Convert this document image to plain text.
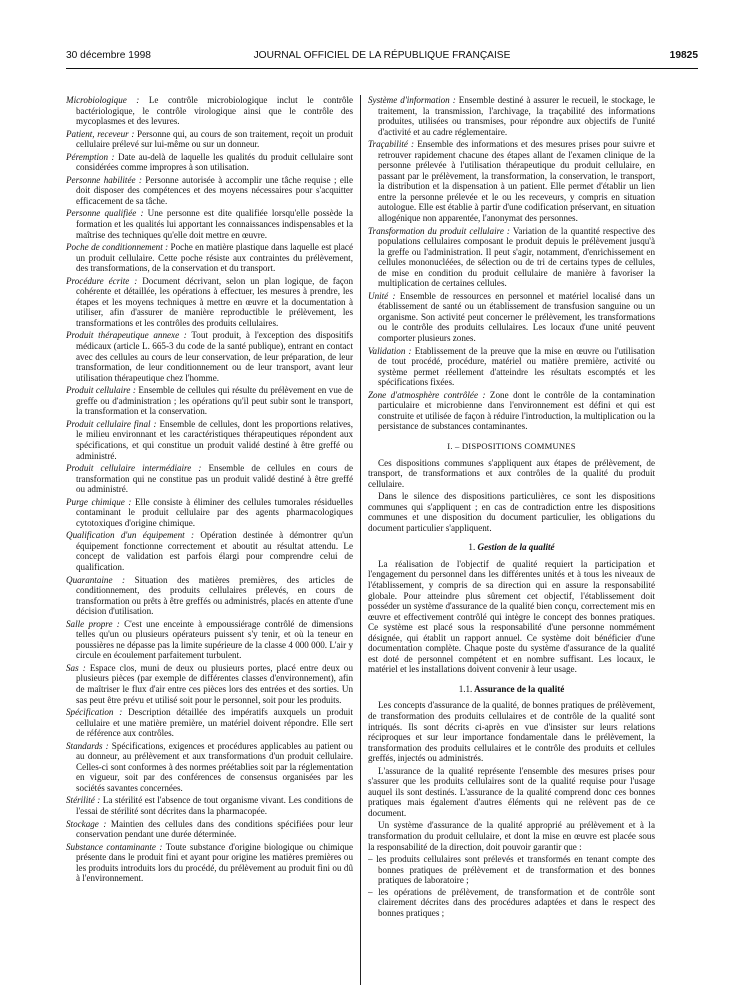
30 décembre 1998	JOURNAL OFFICIEL DE LA RÉPUBLIQUE FRANÇAISE	19825

Microbiologique : Le contrôle microbiologique inclut le contrôle bactériologique, le contrôle virologique ainsi que le contrôle des mycoplasmes et des levures.

Patient, receveur : Personne qui, au cours de son traitement, reçoit un produit cellulaire prélevé sur lui-même ou sur un donneur.

Péremption : Date au-delà de laquelle les qualités du produit cellulaire sont considérées comme impropres à son utilisation.

Personne habilitée : Personne autorisée à accomplir une tâche requise ; elle doit disposer des compétences et des moyens nécessaires pour s'acquitter efficacement de sa tâche.

Personne qualifiée : Une personne est dite qualifiée lorsqu'elle possède la formation et les qualités lui apportant les connaissances indispensables et la maîtrise des techniques qu'elle doit mettre en œuvre.

Poche de conditionnement : Poche en matière plastique dans laquelle est placé un produit cellulaire. Cette poche résiste aux contraintes du prélèvement, des transformations, de la conservation et du transport.

Procédure écrite : Document décrivant, selon un plan logique, de façon cohérente et détaillée, les opérations à effectuer, les mesures à prendre, les étapes et les moyens techniques à mettre en œuvre et la documentation à utiliser, afin d'assurer de manière reproductible le prélèvement, les transformations et les contrôles des produits cellulaires.

Produit thérapeutique annexe : Tout produit, à l'exception des dispositifs médicaux (article L. 665-3 du code de la santé publique), entrant en contact avec des cellules au cours de leur conservation, de leur préparation, de leur transformation, de leur conditionnement ou de leur transport, avant leur utilisation thérapeutique chez l'homme.

Produit cellulaire : Ensemble de cellules qui résulte du prélèvement en vue de greffe ou d'administration ; les opérations qu'il peut subir sont le transport, la transformation et la conservation.

Produit cellulaire final : Ensemble de cellules, dont les proportions relatives, le milieu environnant et les caractéristiques thérapeutiques répondent aux spécifications, et qui constitue un produit validé destiné à être greffé ou administré.

Produit cellulaire intermédiaire : Ensemble de cellules en cours de transformation qui ne constitue pas un produit validé destiné à être greffé ou administré.

Purge chimique : Elle consiste à éliminer des cellules tumorales résiduelles contaminant le produit cellulaire par des agents pharmacologiques cytotoxiques d'origine chimique.

Qualification d'un équipement : Opération destinée à démontrer qu'un équipement fonctionne correctement et aboutit au résultat attendu. Le concept de validation est parfois élargi pour comprendre celui de qualification.

Quarantaine : Situation des matières premières, des articles de conditionnement, des produits cellulaires prélevés, en cours de transformation ou prêts à être greffés ou administrés, placés en attente d'une décision d'utilisation.

Salle propre : C'est une enceinte à empoussiérage contrôlé de dimensions telles qu'un ou plusieurs opérateurs puissent s'y tenir, et où la teneur en poussières ne dépasse pas la limite supérieure de la classe 4 000 000. L'air y circule en écoulement parfaitement turbulent.

Sas : Espace clos, muni de deux ou plusieurs portes, placé entre deux ou plusieurs pièces (par exemple de différentes classes d'environnement), afin de maîtriser le flux d'air entre ces pièces lors des entrées et des sorties. Un sas peut être prévu et utilisé soit pour le personnel, soit pour les produits.

Spécification : Description détaillée des impératifs auxquels un produit cellulaire et une matière première, un matériel doivent répondre. Elle sert de référence aux contrôles.

Standards : Spécifications, exigences et procédures applicables au patient ou au donneur, au prélèvement et aux transformations d'un produit cellulaire. Celles-ci sont conformes à des normes préétablies soit par la réglementation en vigueur, soit par des conférences de consensus organisées par les sociétés savantes concernées.

Stérilité : La stérilité est l'absence de tout organisme vivant. Les conditions de l'essai de stérilité sont décrites dans la pharmacopée.

Stockage : Maintien des cellules dans des conditions spécifiées pour leur conservation pendant une durée déterminée.

Substance contaminante : Toute substance d'origine biologique ou chimique présente dans le produit fini et ayant pour origine les matières premières ou les produits introduits lors du procédé, du prélèvement au produit fini ou dû à l'environnement.

Système d'information : Ensemble destiné à assurer le recueil, le stockage, le traitement, la transmission, l'archivage, la traçabilité des informations produites, utilisées ou transmises, pour répondre aux objectifs de l'unité d'activité et au cadre réglementaire.

Traçabilité : Ensemble des informations et des mesures prises pour suivre et retrouver rapidement chacune des étapes allant de l'examen clinique de la personne prélevée à l'utilisation thérapeutique du produit cellulaire, en passant par le prélèvement, la transformation, la conservation, le transport, la distribution et la dispensation à un patient. Elle permet d'établir un lien entre la personne prélevée et le ou les receveurs, y compris en situation autologue. Elle est établie à partir d'une codification préservant, en situation allogénique non apparentée, l'anonymat des personnes.

Transformation du produit cellulaire : Variation de la quantité respective des populations cellulaires composant le produit depuis le prélèvement jusqu'à la greffe ou l'administration. Il peut s'agir, notamment, d'enrichissement en cellules mononucléées, de sélection ou de tri de certains types de cellules, de mise en condition du produit cellulaire de manière à favoriser la multiplication de certaines cellules.

Unité : Ensemble de ressources en personnel et matériel localisé dans un établissement de santé ou un établissement de transfusion sanguine ou un organisme. Son activité peut concerner le prélèvement, les transformations ou le contrôle des produits cellulaires. Les locaux d'une unité peuvent comporter plusieurs zones.

Validation : Etablissement de la preuve que la mise en œuvre ou l'utilisation de tout procédé, procédure, matériel ou matière première, activité ou système permet réellement d'atteindre les résultats escomptés et les spécifications fixées.

Zone d'atmosphère contrôlée : Zone dont le contrôle de la contamination particulaire et microbienne dans l'environnement est défini et qui est construite et utilisée de façon à réduire l'introduction, la multiplication ou la persistance de substances contaminantes.

I. – DISPOSITIONS COMMUNES

Ces dispositions communes s'appliquent aux étapes de prélèvement, de transport, de transformations et aux contrôles de la qualité du produit cellulaire.

Dans le silence des dispositions particulières, ce sont les dispositions communes qui s'appliquent ; en cas de contradiction entre les dispositions communes et une disposition du document particulier, les obligations du document particulier s'appliquent.

1. Gestion de la qualité

La réalisation de l'objectif de qualité requiert la participation et l'engagement du personnel dans les différentes unités et à tous les niveaux de l'établissement, y compris de sa direction qui en assure la responsabilité globale. Pour atteindre plus sûrement cet objectif, l'établissement doit posséder un système d'assurance de la qualité bien conçu, correctement mis en œuvre et effectivement contrôlé qui intègre le concept des bonnes pratiques. Ce système est placé sous la responsabilité d'une personne nommément désignée, qui établit un rapport annuel. Ce système doit bénéficier d'une documentation complète. Chaque poste du système d'assurance de la qualité est doté de personnel compétent et en nombre suffisant. Les locaux, le matériel et les installations doivent convenir à leur usage.

1.1. Assurance de la qualité

Les concepts d'assurance de la qualité, de bonnes pratiques de prélèvement, de transformation des produits cellulaires et de contrôle de la qualité sont intriqués. Ils sont décrits ci-après en vue d'insister sur leurs relations réciproques et sur leur importance fondamentale dans le prélèvement, la transformation des produits cellulaires et le contrôle des produits et cellules greffés, injectés ou administrés.

L'assurance de la qualité représente l'ensemble des mesures prises pour s'assurer que les produits cellulaires sont de la qualité requise pour l'usage auquel ils sont destinés. L'assurance de la qualité comprend donc ces bonnes pratiques mais également d'autres éléments qui ne relèvent pas de ce document.

Un système d'assurance de la qualité approprié au prélèvement et à la transformation du produit cellulaire, et dont la mise en œuvre est placée sous la responsabilité de la direction, doit pouvoir garantir que :

– les produits cellulaires sont prélevés et transformés en tenant compte des bonnes pratiques de prélèvement et de transformation et des bonnes pratiques de laboratoire ;
– les opérations de prélèvement, de transformation et de contrôle sont clairement décrites dans des procédures adaptées et dans le respect des bonnes pratiques ;
